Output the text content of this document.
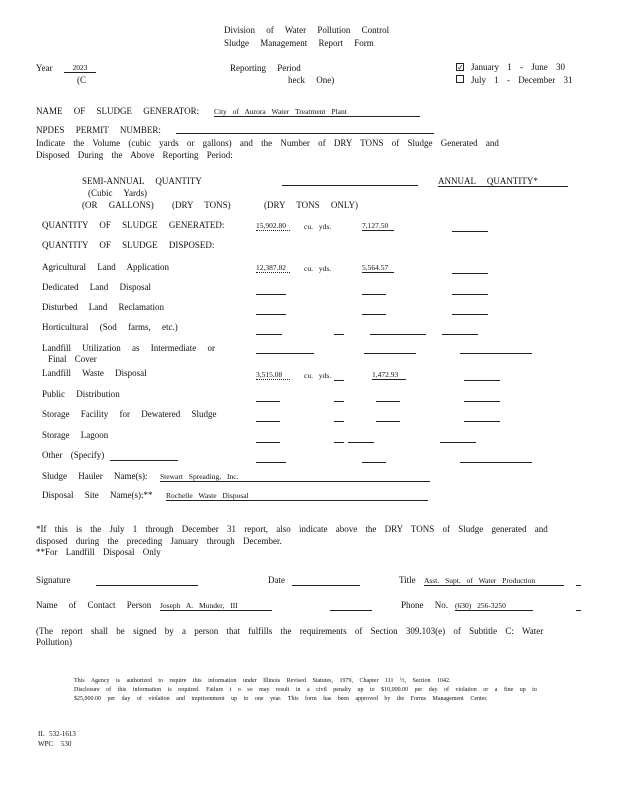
Division of Water Pollution Control
Sludge Management Report Form
Year	2023
(C
Reporting Period
heck One)
✓ January 1 - June 30
July 1 - December 31
NAME OF SLUDGE GENERATOR: City of Aurora Water Treatment Plant
NPDES PERMIT NUMBER:
Indicate the Volume (cubic yards or gallons) and the Number of DRY TONS of Sludge Generated and
Disposed During the Above Reporting Period:
SEMI-ANNUAL QUANTITY	ANNUAL QUANTITY*
(Cubic Yards)
(OR GALLONS) (DRY TONS)	(DRY TONS ONLY)
QUANTITY OF SLUDGE GENERATED:	15,902.80	cu. yds.	7,127.50
QUANTITY OF SLUDGE DISPOSED:
Agricultural Land Application	12,387.82	cu. yds.	5,564.57
Dedicated Land Disposal
Disturbed Land Reclamation
Horticultural (Sod farms, etc.)
Landfill Utilization as Intermediate or
Final Cover
Landfill Waste Disposal	3,515.08	cu. yds.	1,472.93
Public Distribution
Storage Facility for Dewatered Sludge
Storage Lagoon
Other (Specify)
Sludge Hauler Name(s): Stewart Spreading, Inc.
Disposal Site Name(s):** Rochelle Waste Disposal
*If this is the July 1 through December 31 report, also indicate above the DRY TONS of Sludge generated and
disposed during the preceding January through December.
**For Landfill Disposal Only
Signature	Date	Title Asst. Supt. of Water Production
Name of Contact Person Joseph A. Munder, III	Phone No. (630) 256-3250
(The report shall be signed by a person that fulfills the requirements of Section 309.103(e) of Subtitle C: Water
Pollution)
This Agency is authorized to require this information under Illinois Revised Statutes, 1979, Chapter 111 ½, Section 1042.
Disclosure of this information is required. Failure t o so may result in a civil penalty up to $10,000.00 per day of violation or a fine up to
$25,000.00 per day of violation and imprisonment up to one year. This form has been approved by the Forms Management Center.
IL 532-1613
WPC 530
